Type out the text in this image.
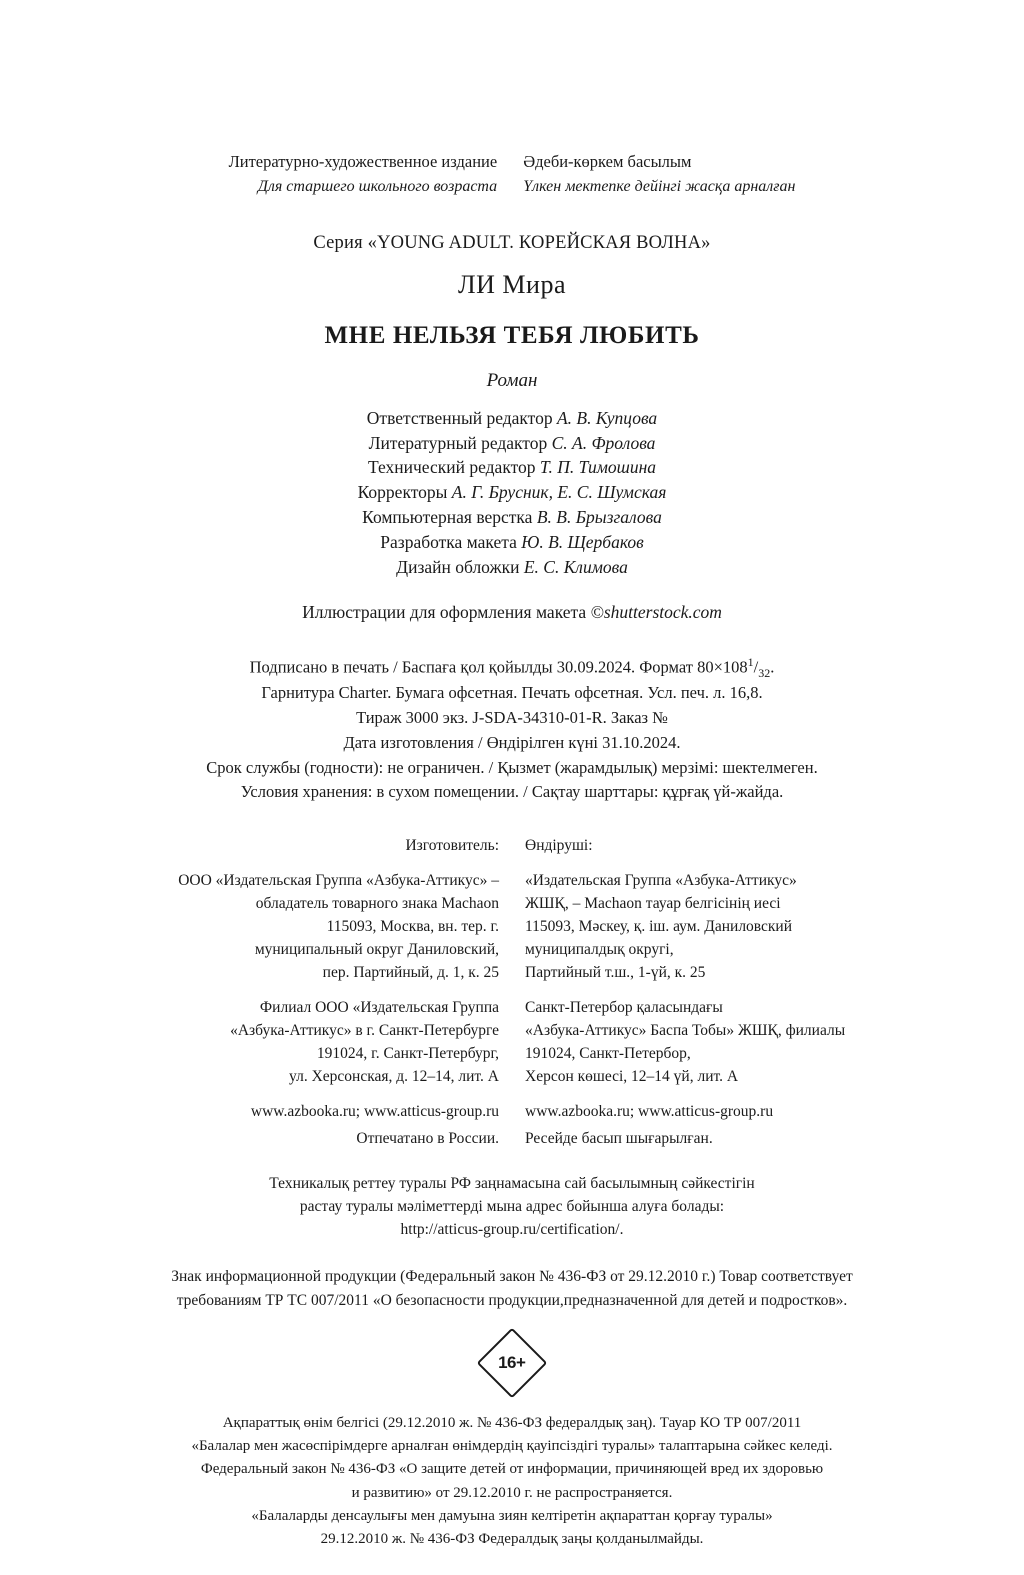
Литературно-художественное издание
Для старшего школьного возраста
Әдеби-көркем басылым
Үлкен мектепке дейінгі жасқа арналған
Серия «YOUNG ADULT. КОРЕЙСКАЯ ВОЛНА»
ЛИ Мира
МНЕ НЕЛЬЗЯ ТЕБЯ ЛЮБИТЬ
Роман
Ответственный редактор А. В. Купцова
Литературный редактор С. А. Фролова
Технический редактор Т. П. Тимошина
Корректоры А. Г. Брусник, Е. С. Шумская
Компьютерная верстка В. В. Брызгалова
Разработка макета Ю. В. Щербаков
Дизайн обложки Е. С. Климова
Иллюстрации для оформления макета ©shutterstock.com
Подписано в печать / Баспаға қол қойылды 30.09.2024. Формат $80\times 108^1/_{32}$.
Гарнитура Charter. Бумага офсетная. Печать офсетная. Усл. печ. л. 16,8.
Тираж 3000 экз. J-SDA-34310-01-R. Заказ №
Дата изготовления / Өндірілген күні 31.10.2024.
Срок службы (годности): не ограничен. / Қызмет (жарамдылық) мерзімі: шектелмеген.
Условия хранения: в сухом помещении. / Сақтау шарттары: құрғақ үй-жайда.
Изготовитель:
ООО «Издательская Группа «Азбука-Аттикус» –
обладатель товарного знака Machaon
115093, Москва, вн. тер. г.
муниципальный округ Даниловский,
пер. Партийный, д. 1, к. 25
Филиал ООО «Издательская Группа
«Азбука-Аттикус» в г. Санкт-Петербурге
191024, г. Санкт-Петербург,
ул. Херсонская, д. 12–14, лит. А
www.azbooka.ru; www.atticus-group.ru
Өндіруші:
«Издательская Группа «Азбука-Аттикус»
ЖШҚ, – Machaon тауар белгісінің иесі
115093, Мәскеу, қ. іш. аум. Даниловский
муниципалдық округі,
Партийный т.ш., 1-үй, к. 25
Санкт-Петербор қаласындағы
«Азбука-Аттикус» Баспа Тобы» ЖШҚ, филиалы
191024, Санкт-Петербор,
Херсон көшесі, 12–14 үй, лит. А
www.azbooka.ru; www.atticus-group.ru
Отпечатано в России. Ресейде басып шығарылған.
Техникалық реттеу туралы РФ заңнамасына сай басылымның сәйкестігін
растау туралы мәліметтерді мына адрес бойынша алуға болады:
http://atticus-group.ru/certification/.
Знак информационной продукции (Федеральный закон № 436-ФЗ от 29.12.2010 г.) Товар соответствует
требованиям ТР ТС 007/2011 «О безопасности продукции,предназначенной для детей и подростков».
16+
Ақпараттық өнім белгісі (29.12.2010 ж. № 436-ФЗ федералдық заң). Тауар КО ТР 007/2011
«Балалар мен жасөспірімдерге арналған өнімдердің қауіпсіздігі туралы» талаптарына сәйкес келеді.
Федеральный закон № 436-ФЗ «О защите детей от информации, причиняющей вред их здоровью
и развитию» от 29.12.2010 г. не распространяется.
«Балаларды денсаулығы мен дамуына зиян келтіретін ақпараттан қорғау туралы»
29.12.2010 ж. № 436-ФЗ Федералдық заңы қолданылмайды.
